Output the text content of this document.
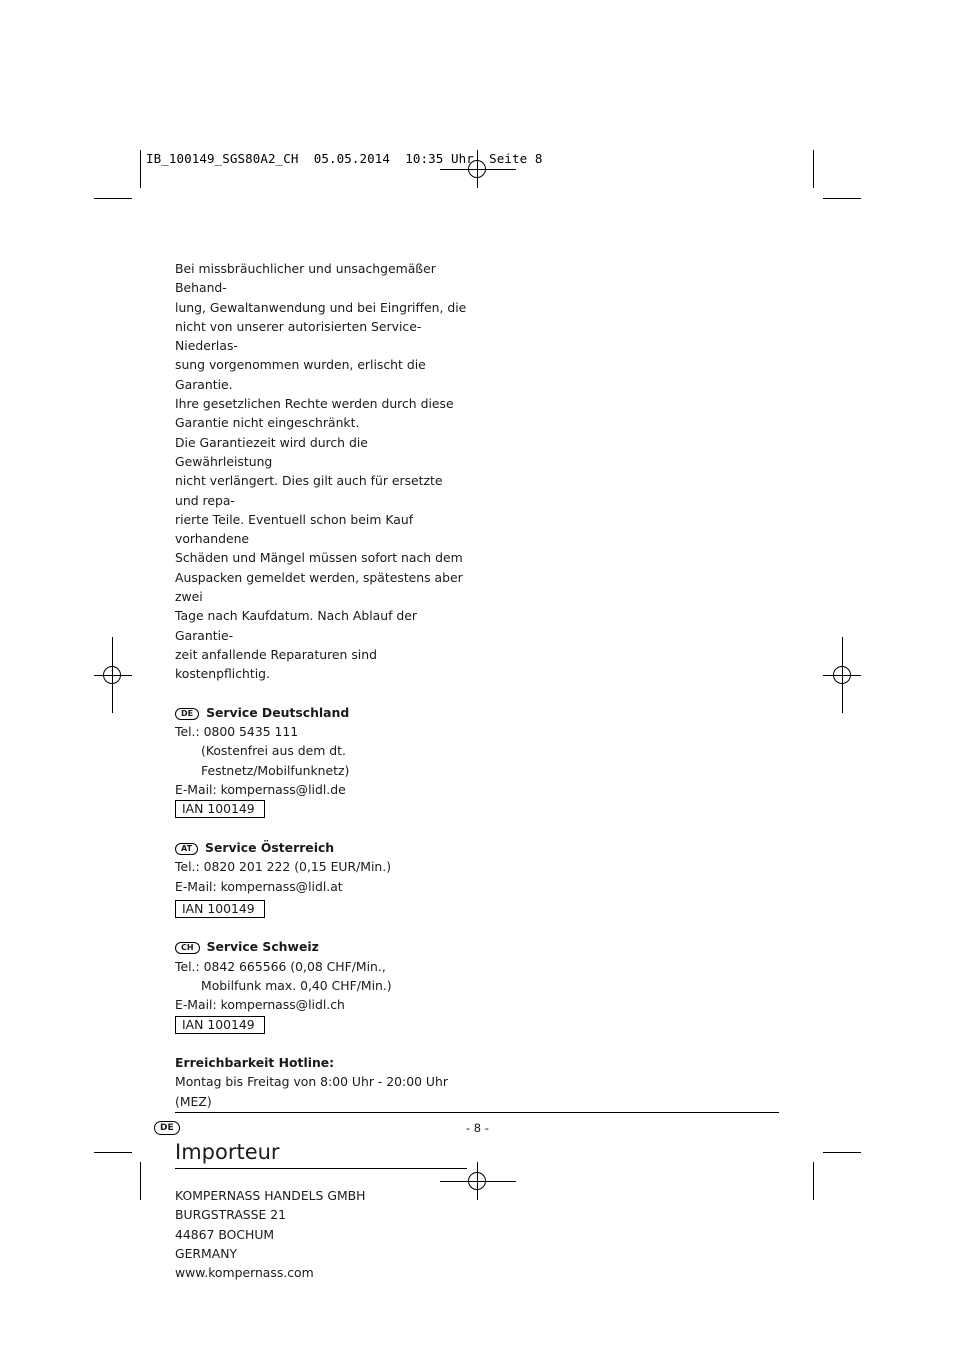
IB_100149_SGS80A2_CH  05.05.2014  10:35 Uhr  Seite 8

Bei missbräuchlicher und unsachgemäßer Behand-

lung, Gewaltanwendung und bei Eingriffen, die

nicht von unserer autorisierten Service-Niederlas-

sung vorgenommen wurden, erlischt die Garantie.

Ihre gesetzlichen Rechte werden durch diese

Garantie nicht eingeschränkt.

Die Garantiezeit wird durch die Gewährleistung

nicht verlängert. Dies gilt auch für ersetzte und repa-

rierte Teile. Eventuell schon beim Kauf vorhandene

Schäden und Mängel müssen sofort nach dem

Auspacken gemeldet werden, spätestens aber zwei

Tage nach Kaufdatum. Nach Ablauf der Garantie-

zeit anfallende Reparaturen sind kostenpflichtig.

DE Service Deutschland

Tel.: 0800 5435 111

(Kostenfrei aus dem dt. Festnetz/Mobilfunknetz)

E-Mail: kompernass@lidl.de

IAN 100149

AT Service Österreich

Tel.: 0820 201 222 (0,15 EUR/Min.)

E-Mail: kompernass@lidl.at

IAN 100149

CH Service Schweiz

Tel.: 0842 665566 (0,08 CHF/Min.,

Mobilfunk max. 0,40 CHF/Min.)

E-Mail: kompernass@lidl.ch

IAN 100149

Erreichbarkeit Hotline:

Montag bis Freitag von 8:00 Uhr - 20:00 Uhr (MEZ)

Importeur

KOMPERNASS HANDELS GMBH

BURGSTRASSE 21

44867 BOCHUM

GERMANY

www.kompernass.com

DE	- 8 -
